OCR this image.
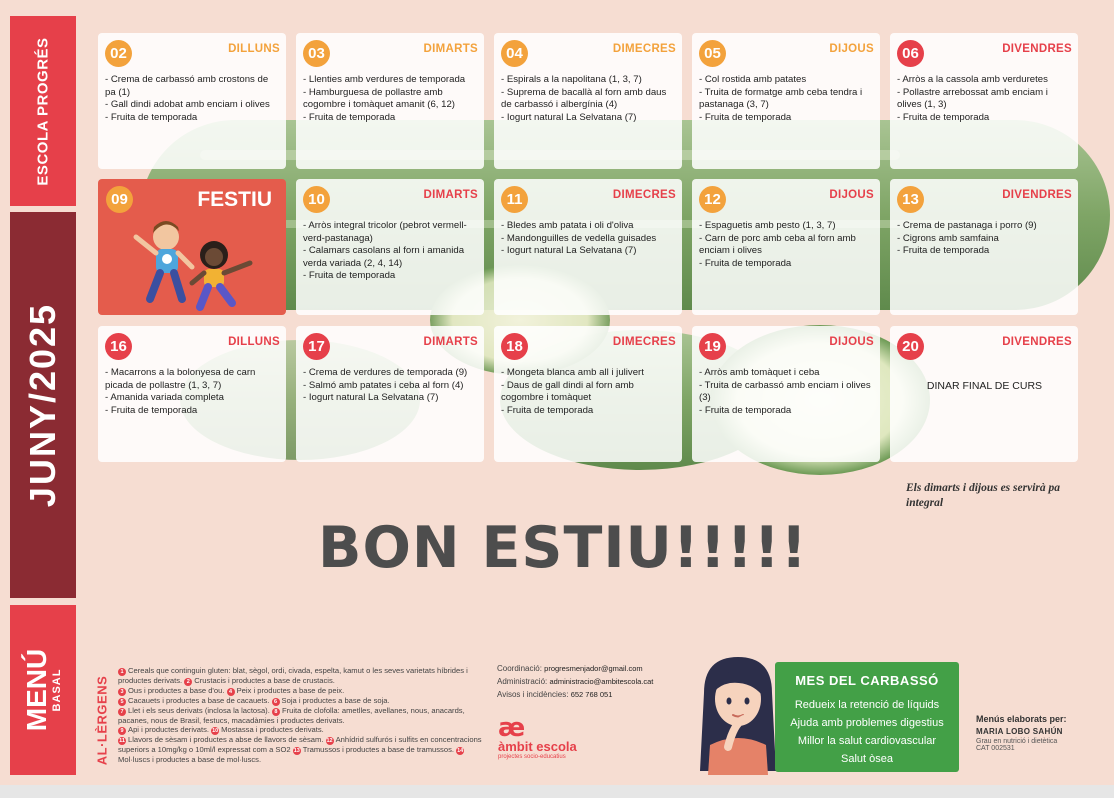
ESCOLA PROGRÉS
JUNY/2025
MENÚ BASAL
02	DILLUNS
- Crema de carbassó amb crostons de pa (1)
- Gall dindi adobat amb enciam i olives
- Fruita de temporada
03	DIMARTS
- Llenties amb verdures de temporada
- Hamburguesa de pollastre amb cogombre i tomàquet amanit (6, 12)
- Fruita de temporada
04	DIMECRES
- Espirals a la napolitana (1, 3, 7)
- Suprema de bacallà al forn amb daus de carbassó i albergínia (4)
- Iogurt natural La Selvatana (7)
05	DIJOUS
- Col rostida amb patates
- Truita de formatge amb ceba tendra i pastanaga (3, 7)
- Fruita de temporada
06	DIVENDRES
- Arròs a la cassola amb verduretes
- Pollastre arrebossat amb enciam i olives (1, 3)
- Fruita de temporada
09	FESTIU	10	DIMARTS
- Arròs integral tricolor (pebrot vermell-verd-pastanaga)
- Calamars casolans al forn i amanida verda variada (2, 4, 14)
- Fruita de temporada
11	DIMECRES
- Bledes amb patata i oli d'oliva
- Mandonguilles de vedella guisades
- Iogurt natural La Selvatana (7)
12	DIJOUS
- Espaguetis amb pesto (1, 3, 7)
- Carn de porc amb ceba al forn amb enciam i olives
- Fruita de temporada
13	DIVENDRES
- Crema de pastanaga i porro (9)
- Cigrons amb samfaina
- Fruita de temporada
16	DILLUNS
- Macarrons a la bolonyesa de carn picada de pollastre (1, 3, 7)
- Amanida variada completa
- Fruita de temporada
17	DIMARTS
- Crema de verdures de temporada (9)
- Salmó amb patates i ceba al forn (4)
- Iogurt natural La Selvatana (7)
18	DIMECRES
- Mongeta blanca amb all i julivert
- Daus de gall dindi al forn amb cogombre i tomàquet
- Fruita de temporada
19	DIJOUS
- Arròs amb tomàquet i ceba
- Truita de carbassó amb enciam i olives (3)
- Fruita de temporada
20	DIVENDRES
DINAR FINAL DE CURS
Els dimarts i dijous es servirà pa integral
BON ESTIU!!!!!
AL·LÈRGENS
1 Cereals que continguin gluten: blat, sègol, ordi, civada, espelta, kamut o les seves varietats híbrides i productes derivats. 2 Crustacis i productes a base de crustacis.
3 Ous i productes a base d'ou. 4 Peix i productes a base de peix.
5 Cacauets i productes a base de cacauets. 6 Soja i productes a base de soja.
7 Llet i els seus derivats (inclosa la lactosa). 8 Fruita de clofolla: ametlles, avellanes, nous, anacards, pacanes, nous de Brasil, festucs, macadàmies i productes derivats.
9 Api i productes derivats. 10 Mostassa i productes derivats.
11 Llavors de sèsam i productes a abse de llavors de sèsam. 12 Anhídrid sulfurós i sulfits en concentracions superiors a 10mg/kg o 10ml/l expressat com a SO2 13 Tramussos i productes a base de tramussos. 14Mol·luscs i productes a base de mol·luscs.
Coordinació: progresmenjador@gmail.com
Administració: administracio@ambitescola.cat
Avisos i incidències: 652 768 051
æ
àmbit escola
projectes socio-educatius
MES DEL CARBASSÓ
Redueix la retenció de líquids
Ajuda amb problemes digestius
Millor la salut cardiovascular
Salut òsea
Menús elaborats per:
MARIA LOBO SAHÚN
Grau en nutrició i dietètica
CAT 002531
